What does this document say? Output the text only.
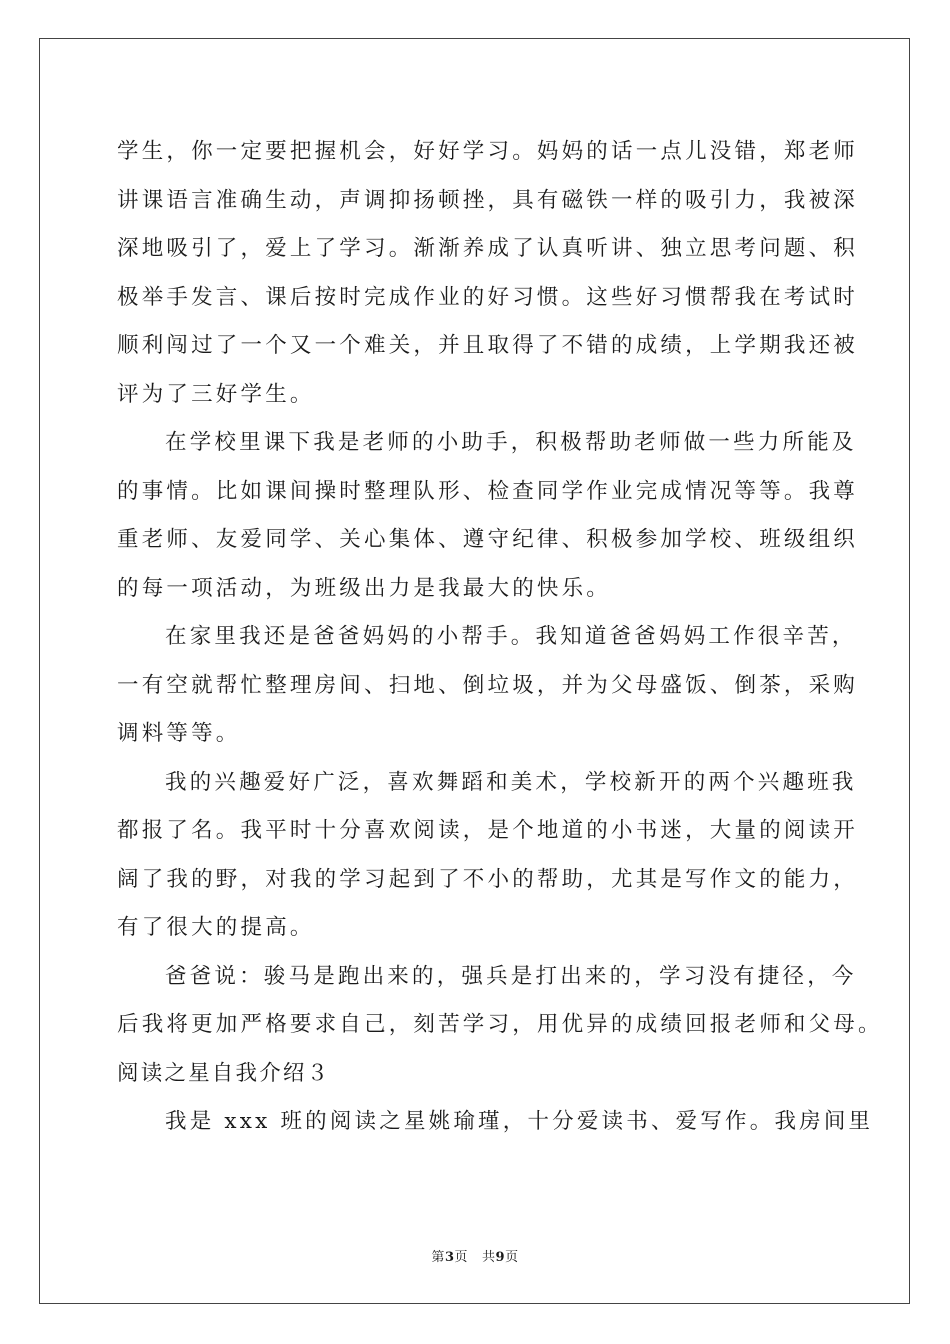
学生，你一定要把握机会，好好学习。妈妈的话一点儿没错，郑老师
讲课语言准确生动，声调抑扬顿挫，具有磁铁一样的吸引力，我被深
深地吸引了，爱上了学习。渐渐养成了认真听讲、独立思考问题、积
极举手发言、课后按时完成作业的好习惯。这些好习惯帮我在考试时
顺利闯过了一个又一个难关，并且取得了不错的成绩，上学期我还被
评为了三好学生。
在学校里课下我是老师的小助手，积极帮助老师做一些力所能及
的事情。比如课间操时整理队形、检查同学作业完成情况等等。我尊
重老师、友爱同学、关心集体、遵守纪律、积极参加学校、班级组织
的每一项活动，为班级出力是我最大的快乐。
在家里我还是爸爸妈妈的小帮手。我知道爸爸妈妈工作很辛苦，
一有空就帮忙整理房间、扫地、倒垃圾，并为父母盛饭、倒茶，采购
调料等等。
我的兴趣爱好广泛，喜欢舞蹈和美术，学校新开的两个兴趣班我
都报了名。我平时十分喜欢阅读，是个地道的小书迷，大量的阅读开
阔了我的野，对我的学习起到了不小的帮助，尤其是写作文的能力，
有了很大的提高。
爸爸说：骏马是跑出来的，强兵是打出来的，学习没有捷径，今
后我将更加严格要求自己，刻苦学习，用优异的成绩回报老师和父母。
阅读之星自我介绍３
我是 xxx 班的阅读之星姚瑜瑾，十分爱读书、爱写作。我房间里
第3页 共9页
